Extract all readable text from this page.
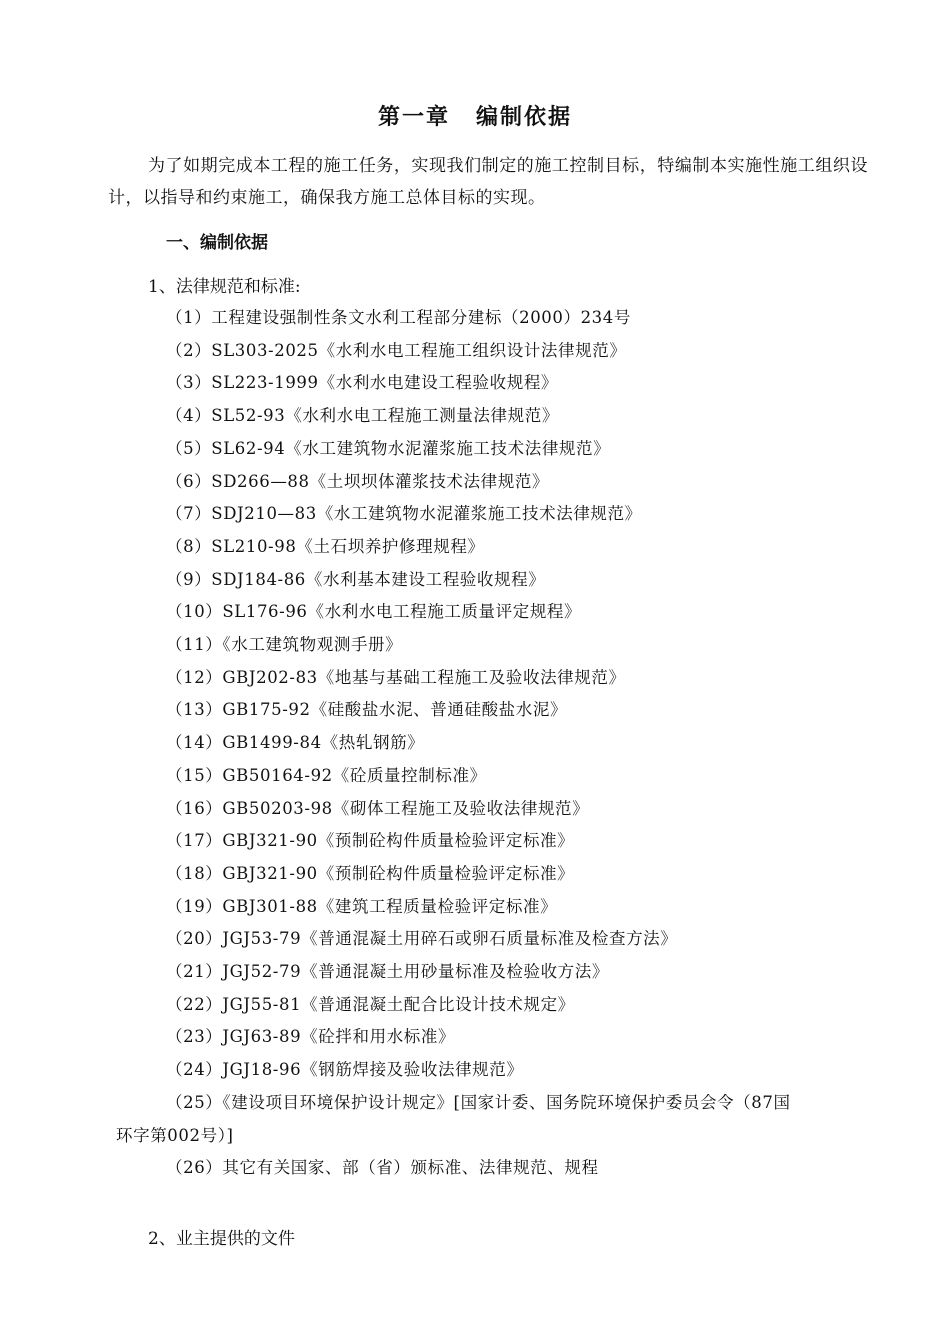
第一章 编制依据

为了如期完成本工程的施工任务，实现我们制定的施工控制目标，特编制本实施性施工组织设计，以指导和约束施工，确保我方施工总体目标的实现。

一、编制依据

1、法律规范和标准:

（1）工程建设强制性条文水利工程部分建标（2000）234号
（2）SL303-2025《水利水电工程施工组织设计法律规范》
（3）SL223-1999《水利水电建设工程验收规程》
（4）SL52-93《水利水电工程施工测量法律规范》
（5）SL62-94《水工建筑物水泥灌浆施工技术法律规范》
（6）SD266—88《土坝坝体灌浆技术法律规范》
（7）SDJ210—83《水工建筑物水泥灌浆施工技术法律规范》
（8）SL210-98《土石坝养护修理规程》
（9）SDJ184-86《水利基本建设工程验收规程》
（10）SL176-96《水利水电工程施工质量评定规程》
（11）《水工建筑物观测手册》
（12）GBJ202-83《地基与基础工程施工及验收法律规范》
（13）GB175-92《硅酸盐水泥、普通硅酸盐水泥》
（14）GB1499-84《热轧钢筋》
（15）GB50164-92《砼质量控制标准》
（16）GB50203-98《砌体工程施工及验收法律规范》
（17）GBJ321-90《预制砼构件质量检验评定标准》
（18）GBJ321-90《预制砼构件质量检验评定标准》
（19）GBJ301-88《建筑工程质量检验评定标准》
（20）JGJ53-79《普通混凝土用碎石或卵石质量标准及检查方法》
（21）JGJ52-79《普通混凝土用砂量标准及检验收方法》
（22）JGJ55-81《普通混凝土配合比设计技术规定》
（23）JGJ63-89《砼拌和用水标准》
（24）JGJ18-96《钢筋焊接及验收法律规范》
（25）《建设项目环境保护设计规定》[国家计委、国务院环境保护委员会令（87国
环字第002号）]
（26）其它有关国家、部（省）颁标准、法律规范、规程

2、业主提供的文件
